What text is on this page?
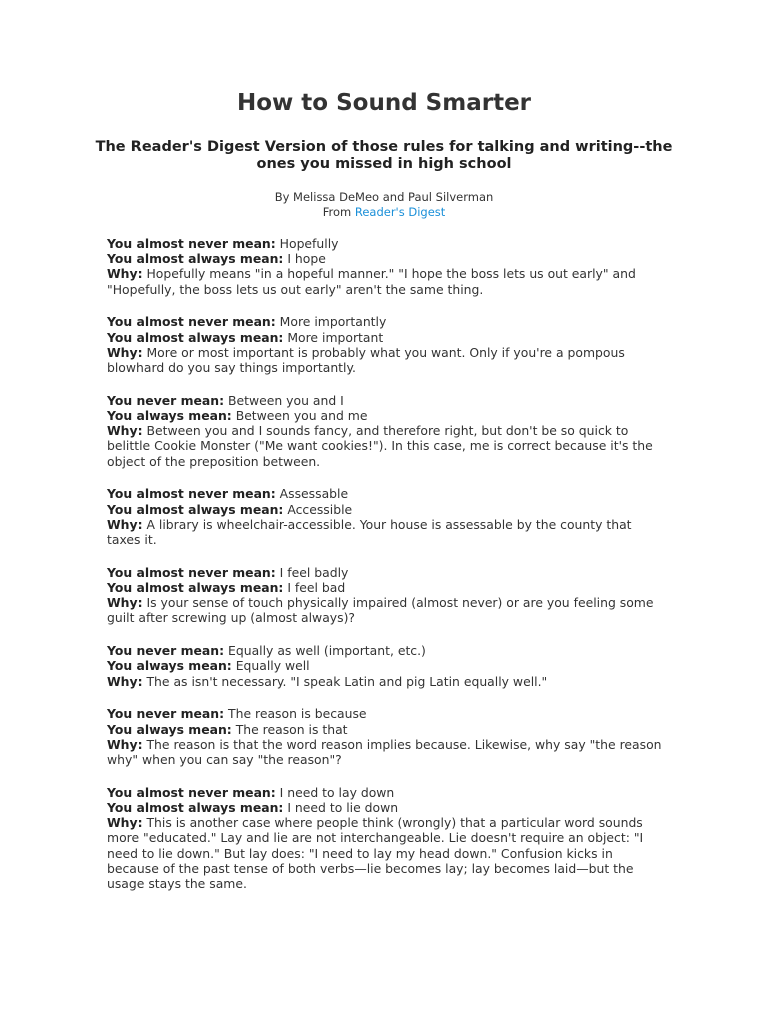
How to Sound Smarter
The Reader's Digest Version of those rules for talking and writing--the ones you missed in high school
By Melissa DeMeo and Paul Silverman
From Reader's Digest

You almost never mean: Hopefully

You almost always mean: I hope

Why: Hopefully means "in a hopeful manner." "I hope the boss lets us out early" and "Hopefully, the boss lets us out early" aren't the same thing.

You almost never mean: More importantly

You almost always mean: More important

Why: More or most important is probably what you want. Only if you're a pompous blowhard do you say things importantly.

You never mean: Between you and I

You always mean: Between you and me

Why: Between you and I sounds fancy, and therefore right, but don't be so quick to belittle Cookie Monster ("Me want cookies!"). In this case, me is correct because it's the object of the preposition between.

You almost never mean: Assessable

You almost always mean: Accessible

Why: A library is wheelchair-accessible. Your house is assessable by the county that taxes it.

You almost never mean: I feel badly

You almost always mean: I feel bad

Why: Is your sense of touch physically impaired (almost never) or are you feeling some guilt after screwing up (almost always)?

You never mean: Equally as well (important, etc.)

You always mean: Equally well

Why: The as isn't necessary. "I speak Latin and pig Latin equally well."

You never mean: The reason is because

You always mean: The reason is that

Why: The reason is that the word reason implies because. Likewise, why say "the reason why" when you can say "the reason"?

You almost never mean: I need to lay down

You almost always mean: I need to lie down

Why: This is another case where people think (wrongly) that a particular word sounds more "educated." Lay and lie are not interchangeable. Lie doesn't require an object: "I need to lie down." But lay does: "I need to lay my head down." Confusion kicks in because of the past tense of both verbs—lie becomes lay; lay becomes laid—but the usage stays the same.
